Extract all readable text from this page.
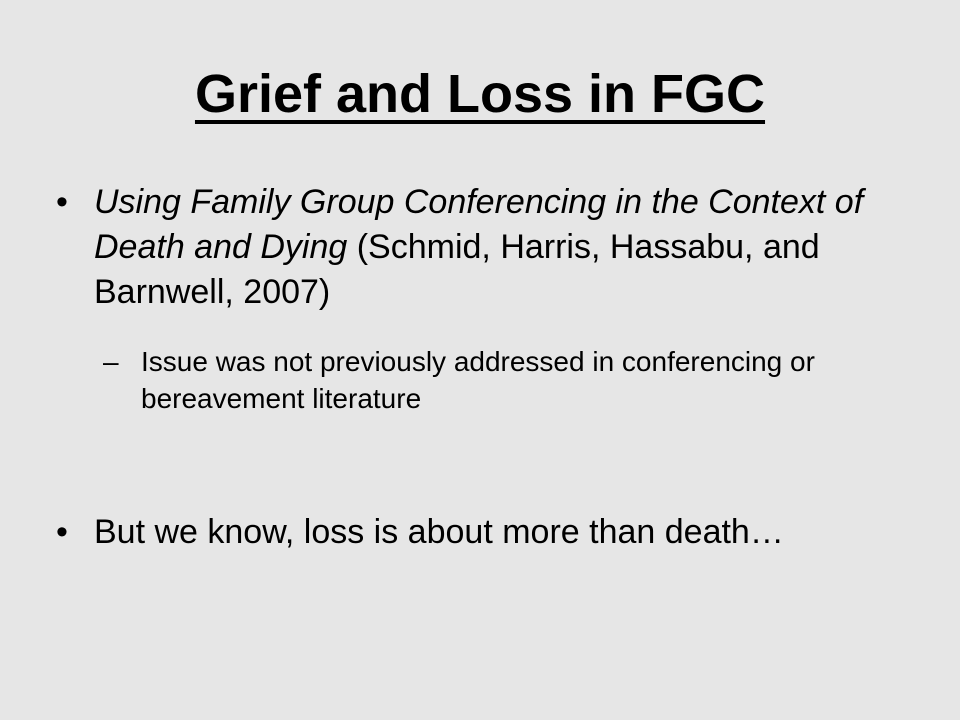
Grief and Loss in FGC
• Using Family Group Conferencing in the Context of Death and Dying (Schmid, Harris, Hassabu, and Barnwell, 2007)
– Issue was not previously addressed in conferencing or bereavement literature
• But we know, loss is about more than death…
